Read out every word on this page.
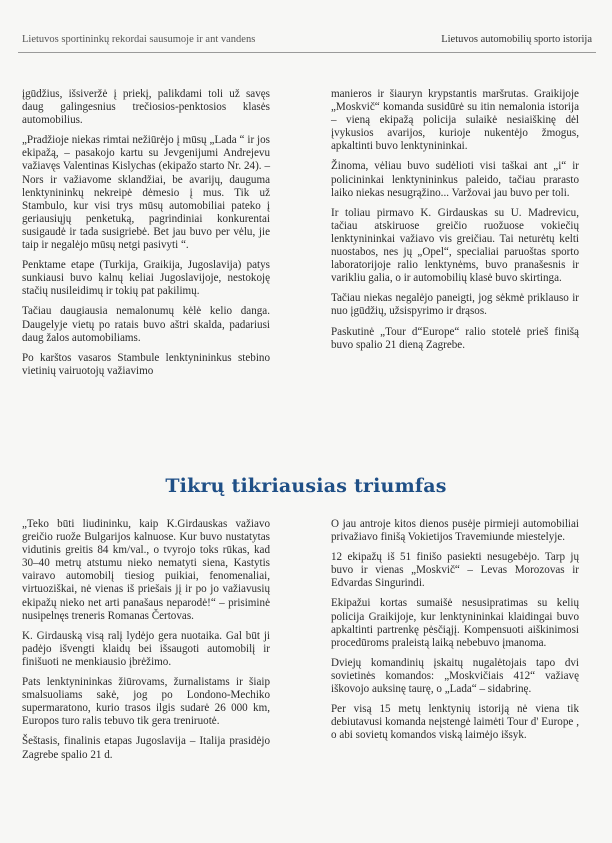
Lietuvos sportininkų rekordai sausumoje ir ant vandens	Lietuvos automobilių sporto istorija

įgūdžius, išsiveržė į priekį, palikdami toli už savęs daug galingesnius trečiosios-penktosios klasės automobilius.

„Pradžioje niekas rimtai nežiūrėjo į mūsų „Lada “ ir jos ekipažą, – pasakojo kartu su Jevgenijumi Andrejevu važiavęs Valentinas Kislychas (ekipažo starto Nr. 24). – Nors ir važiavome sklandžiai, be avarijų, dauguma lenktynininkų nekreipė dėmesio į mus. Tik už Stambulo, kur visi trys mūsų automobiliai pateko į geriausiųjų penketuką, pagrindiniai konkurentai susigaudė ir tada susigriebė. Bet jau buvo per vėlu, jie taip ir negalėjo mūsų netgi pasivyti “.

Penktame etape (Turkija, Graikija, Jugoslavija) patys sunkiausi buvo kalnų keliai Jugoslavijoje, nestokoję stačių nusileidimų ir tokių pat pakilimų.

Tačiau daugiausia nemalonumų kėlė kelio danga. Daugelyje vietų po ratais buvo aštri skalda, padariusi daug žalos automobiliams.

Po karštos vasaros Stambule lenktynininkus stebino vietinių vairuotojų važiavimo

manieros ir šiauryn krypstantis maršrutas. Graikijoje „Moskvič“ komanda susidūrė su itin nemalonia istorija – vieną ekipažą policija sulaikė nesiaiškinę dėl įvykusios avarijos, kurioje nukentėjo žmogus, apkaltinti buvo lenktynininkai.

Žinoma, vėliau buvo sudėlioti visi taškai ant „i“ ir policininkai lenktynininkus paleido, tačiau prarasto laiko niekas nesugrąžino... Varžovai jau buvo per toli.

Ir toliau pirmavo K. Girdauskas su U. Madrevicu, tačiau atskiruose greičio ruožuose vokiečių lenktynininkai važiavo vis greičiau. Tai neturėtų kelti nuostabos, nes jų „Opel“, specialiai paruoštas sporto laboratorijoje ralio lenktynėms, buvo pranašesnis ir varikliu galia, o ir automobilių klasė buvo skirtinga.

Tačiau niekas negalėjo paneigti, jog sėkmė priklauso ir nuo įgūdžių, užsispyrimo ir drąsos.

Paskutinė „Tour d“Europe“ ralio stotelė prieš finišą buvo spalio 21 dieną Zagrebe.

Tikrų tikriausias triumfas

„Teko būti liudininku, kaip K.Girdauskas važiavo greičio ruože Bulgarijos kalnuose. Kur buvo nustatytas vidutinis greitis 84 km/val., o tvyrojo toks rūkas, kad 30–40 metrų atstumu nieko nematyti siena, Kastytis vairavo automobilį tiesiog puikiai, fenomenaliai, virtuoziškai, nė vienas iš priešais jį ir po jo važiavusių ekipažų nieko net arti panašaus neparodė!“ – prisiminė nusipelnęs treneris Romanas Čertovas.

K. Girdauską visą ralį lydėjo gera nuotaika. Gal būt ji padėjo išvengti klaidų bei išsaugoti automobilį ir finišuoti ne menkiausio įbrėžimo.

Pats lenktynininkas žiūrovams, žurnalistams ir šiaip smalsuoliams sakė, jog po Londono-Mechiko supermaratono, kurio trasos ilgis sudarė 26 000 km, Europos turo ralis tebuvo tik gera treniruotė.

Šeštasis, finalinis etapas Jugoslavija – Italija prasidėjo Zagrebe spalio 21 d.

O jau antroje kitos dienos pusėje pirmieji automobiliai privažiavo finišą Vokietijos Travemiunde miestelyje.

12 ekipažų iš 51 finišo pasiekti nesugebėjo. Tarp jų buvo ir vienas „Moskvič“ – Levas Morozovas ir Edvardas Singurindi.

Ekipažui kortas sumaišė nesusipratimas su kelių policija Graikijoje, kur lenktynininkai klaidingai buvo apkaltinti partrenkę pėsčiąjį. Kompensuoti aiškinimosi procedūroms praleistą laiką nebebuvo įmanoma.

Dviejų komandinių įskaitų nugalėtojais tapo dvi sovietinės komandos: „Moskvičiais 412“ važiavę iškovojo auksinę taurę, o „Lada“ – sidabrinę.

Per visą 15 metų lenktynių istoriją nė viena tik debiutavusi komanda neįstengė laimėti Tour d' Europe , o abi sovietų komandos viską laimėjo išsyk.
